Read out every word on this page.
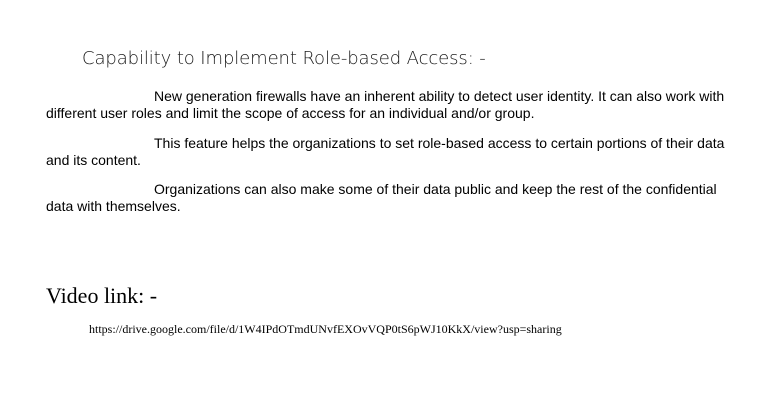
Capability to Implement Role-based Access: -

New generation firewalls have an inherent ability to detect user identity. It can also work with different user roles and limit the scope of access for an individual and/or group.

This feature helps the organizations to set role-based access to certain portions of their data and its content.

Organizations can also make some of their data public and keep the rest of the confidential data with themselves.

Video link: -
https://drive.google.com/file/d/1W4IPdOTmdUNvfEXOvVQP0tS6pWJ10KkX/view?usp=sharing
